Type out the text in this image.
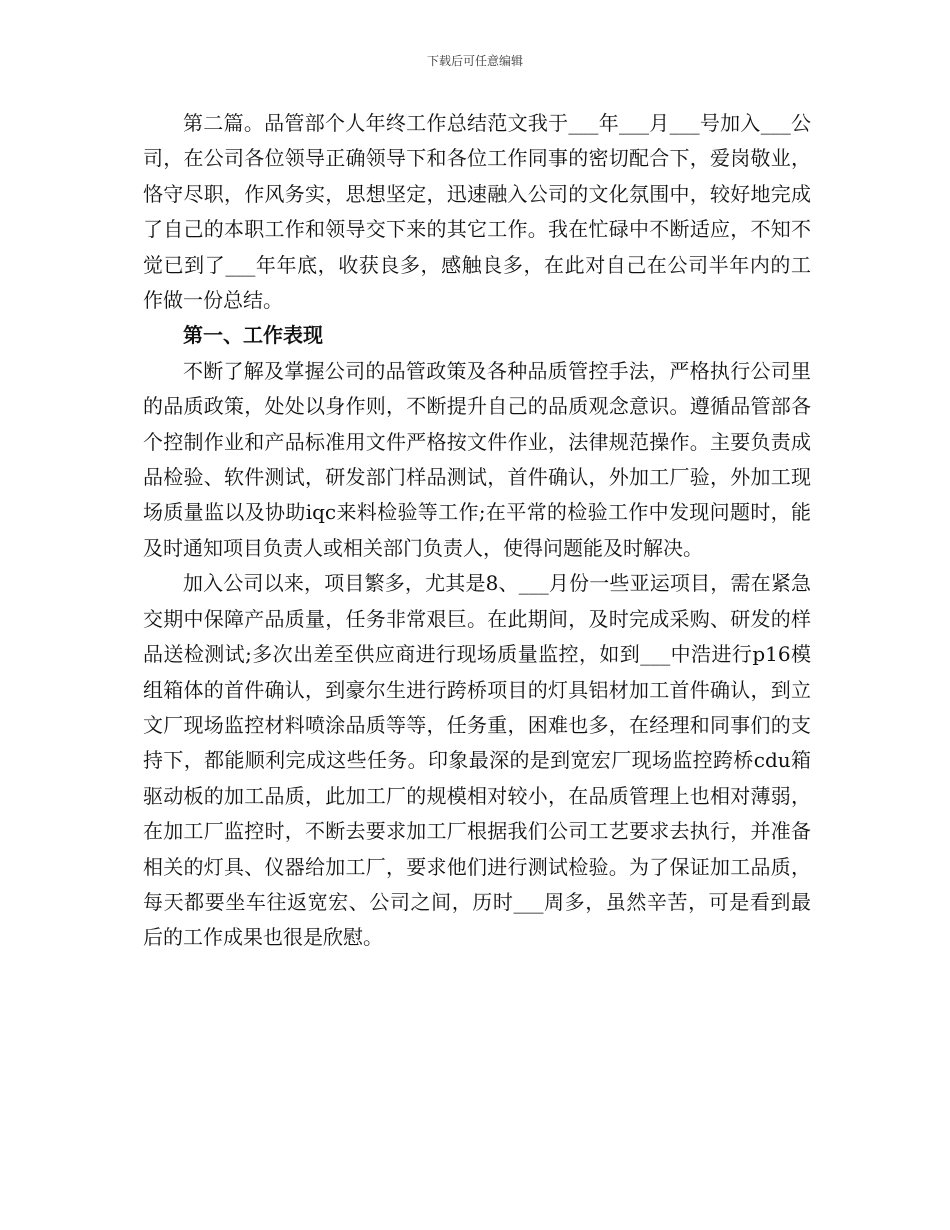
下载后可任意编辑

第二篇。品管部个人年终工作总结范文我于___年___月___号加入___公司，在公司各位领导正确领导下和各位工作同事的密切配合下，爱岗敬业，恪守尽职，作风务实，思想坚定，迅速融入公司的文化氛围中，较好地完成了自己的本职工作和领导交下来的其它工作。我在忙碌中不断适应，不知不觉已到了___年年底，收获良多，感触良多，在此对自己在公司半年内的工作做一份总结。

第一、工作表现

不断了解及掌握公司的品管政策及各种品质管控手法，严格执行公司里的品质政策，处处以身作则，不断提升自己的品质观念意识。遵循品管部各个控制作业和产品标准用文件严格按文件作业，法律规范操作。主要负责成品检验、软件测试，研发部门样品测试，首件确认，外加工厂验，外加工现场质量监以及协助iqc来料检验等工作;在平常的检验工作中发现问题时，能及时通知项目负责人或相关部门负责人，使得问题能及时解决。

加入公司以来，项目繁多，尤其是8、___月份一些亚运项目，需在紧急交期中保障产品质量，任务非常艰巨。在此期间，及时完成采购、研发的样品送检测试;多次出差至供应商进行现场质量监控，如到___中浩进行p16模组箱体的首件确认，到豪尔生进行跨桥项目的灯具铝材加工首件确认，到立文厂现场监控材料喷涂品质等等，任务重，困难也多，在经理和同事们的支持下，都能顺利完成这些任务。印象最深的是到宽宏厂现场监控跨桥cdu箱驱动板的加工品质，此加工厂的规模相对较小，在品质管理上也相对薄弱，在加工厂监控时，不断去要求加工厂根据我们公司工艺要求去执行，并准备相关的灯具、仪器给加工厂，要求他们进行测试检验。为了保证加工品质，每天都要坐车往返宽宏、公司之间，历时___周多，虽然辛苦，可是看到最后的工作成果也很是欣慰。
